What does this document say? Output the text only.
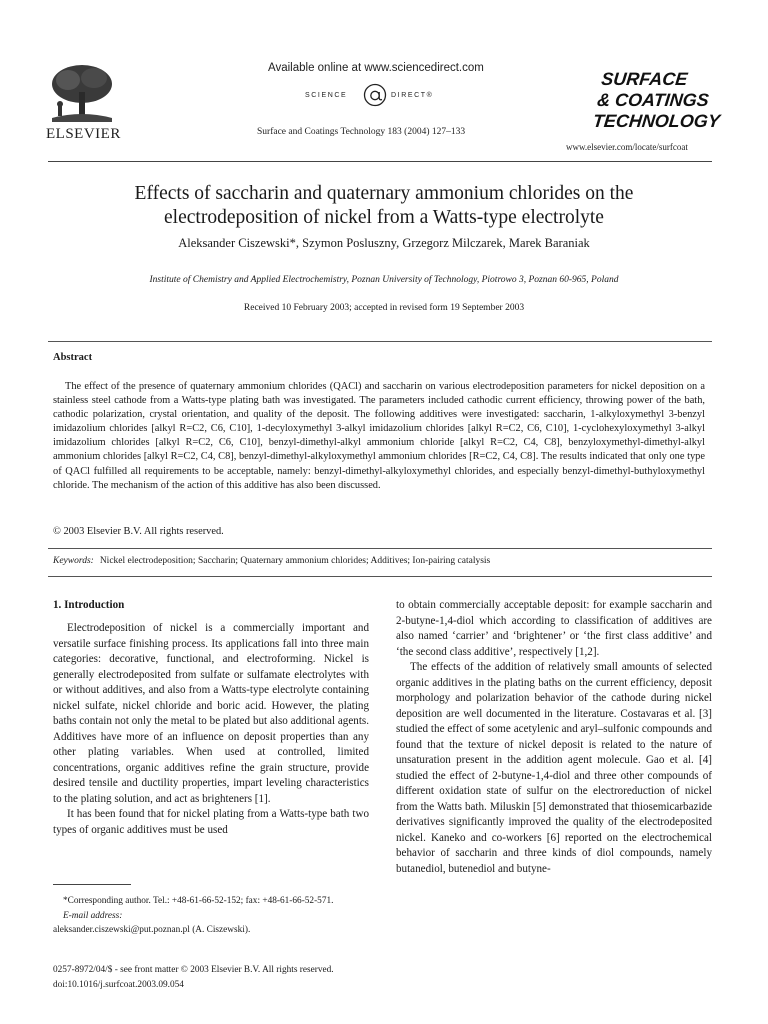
ELSEVIER
Available online at www.sciencedirect.com
SCIENCE	DIRECT®
Surface and Coatings Technology 183 (2004) 127–133
SURFACE
& COATINGS
TECHNOLOGY
www.elsevier.com/locate/surfcoat
Effects of saccharin and quaternary ammonium chlorides on the
electrodeposition of nickel from a Watts-type electrolyte
Aleksander Ciszewski*, Szymon Posluszny, Grzegorz Milczarek, Marek Baraniak
Institute of Chemistry and Applied Electrochemistry, Poznan University of Technology, Piotrowo 3, Poznan 60-965, Poland
Received 10 February 2003; accepted in revised form 19 September 2003
Abstract

The effect of the presence of quaternary ammonium chlorides (QACl) and saccharin on various electrodeposition parameters for nickel deposition on a stainless steel cathode from a Watts-type plating bath was investigated. The parameters included cathodic current efficiency, throwing power of the bath, cathodic polarization, crystal orientation, and quality of the deposit. The following additives were investigated: saccharin, 1-alkyloxymethyl 3-benzyl imidazolium chlorides [alkyl R=C2, C6, C10], 1-decyloxymethyl 3-alkyl imidazolium chlorides [alkyl R=C2, C6, C10], 1-cyclohexyloxymethyl 3-alkyl imidazolium chlorides [alkyl R=C2, C6, C10], benzyl-dimethyl-alkyl ammonium chloride [alkyl R=C2, C4, C8], benzyloxymethyl-dimethyl-alkyl ammonium chlorides [alkyl R=C2, C4, C8], benzyl-dimethyl-alkyloxymethyl ammonium chlorides [R=C2, C4, C8]. The results indicated that only one type of QACl fulfilled all requirements to be acceptable, namely: benzyl-dimethyl-alkyloxymethyl chlorides, and especially benzyl-dimethyl-buthyloxymethyl chloride. The mechanism of the action of this additive has also been discussed.

© 2003 Elsevier B.V. All rights reserved.
Keywords: Nickel electrodeposition; Saccharin; Quaternary ammonium chlorides; Additives; Ion-pairing catalysis
1. Introduction

Electrodeposition of nickel is a commercially important and versatile surface finishing process. Its applications fall into three main categories: decorative, functional, and electroforming. Nickel is generally electrodeposited from sulfate or sulfamate electrolytes with or without additives, and also from a Watts-type electrolyte containing nickel sulfate, nickel chloride and boric acid. However, the plating baths contain not only the metal to be plated but also additional agents. Additives have more of an influence on deposit properties than any other plating variables. When used at controlled, limited concentrations, organic additives refine the grain structure, provide desired tensile and ductility properties, impart leveling characteristics to the plating solution, and act as brighteners [1].

It has been found that for nickel plating from a Watts-type bath two types of organic additives must be used

to obtain commercially acceptable deposit: for example saccharin and 2-butyne-1,4-diol which according to classification of additives are also named ‘carrier’ and ‘brightener’ or ‘the first class additive’ and ‘the second class additive’, respectively [1,2].

The effects of the addition of relatively small amounts of selected organic additives in the plating baths on the current efficiency, deposit morphology and polarization behavior of the cathode during nickel deposition are well documented in the literature. Costavaras et al. [3] studied the effect of some acetylenic and aryl–sulfonic compounds and found that the texture of nickel deposit is related to the nature of unsaturation present in the addition agent molecule. Gao et al. [4] studied the effect of 2-butyne-1,4-diol and three other compounds of different oxidation state of sulfur on the electroreduction of nickel from the Watts bath. Miluskin [5] demonstrated that thiosemicarbazide derivatives significantly improved the quality of the electrodeposited nickel. Kaneko and co-workers [6] reported on the electrochemical behavior of saccharin and three kinds of diol compounds, namely butanediol, butenediol and butyne-

*Corresponding author. Tel.: +48-61-66-52-152; fax: +48-61-66-52-571.

E-mail address:

aleksander.ciszewski@put.poznan.pl (A. Ciszewski).

0257-8972/04/$ - see front matter © 2003 Elsevier B.V. All rights reserved.

doi:10.1016/j.surfcoat.2003.09.054
